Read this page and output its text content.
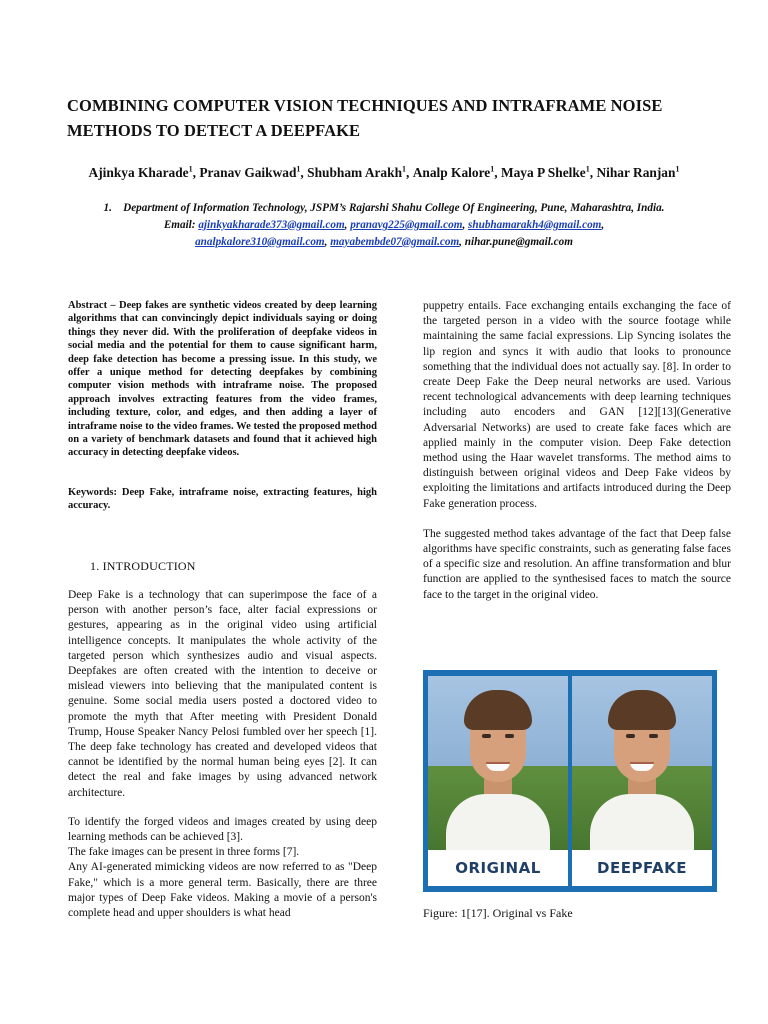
COMBINING COMPUTER VISION TECHNIQUES AND INTRAFRAME NOISE METHODS TO DETECT A DEEPFAKE
Ajinkya Kharade$^1$, Pranav Gaikwad$^1$, Shubham Arakh$^1$, Analp Kalore$^1$, Maya P Shelke$^1$, Nihar Ranjan$^1$
1. Department of Information Technology, JSPM’s Rajarshi Shahu College Of Engineering, Pune, Maharashtra, India.
Email: ajinkyakharade373@gmail.com, pranavg225@gmail.com, shubhamarakh4@gmail.com,
analpkalore310@gmail.com, mayabembde07@gmail.com, nihar.pune@gmail.com
Abstract – Deep fakes are synthetic videos created by deep learning algorithms that can convincingly depict individuals saying or doing things they never did. With the proliferation of deepfake videos in social media and the potential for them to cause significant harm, deep fake detection has become a pressing issue. In this study, we offer a unique method for detecting deepfakes by combining computer vision methods with intraframe noise. The proposed approach involves extracting features from the video frames, including texture, color, and edges, and then adding a layer of intraframe noise to the video frames. We tested the proposed method on a variety of benchmark datasets and found that it achieved high accuracy in detecting deepfake videos.
Keywords: Deep Fake, intraframe noise, extracting features, high accuracy.
1. INTRODUCTION

Deep Fake is a technology that can superimpose the face of a person with another person’s face, alter facial expressions or gestures, appearing as in the original video using artificial intelligence concepts. It manipulates the whole activity of the targeted person which synthesizes audio and visual aspects. Deepfakes are often created with the intention to deceive or mislead viewers into believing that the manipulated content is genuine. Some social media users posted a doctored video to promote the myth that After meeting with President Donald Trump, House Speaker Nancy Pelosi fumbled over her speech [1]. The deep fake technology has created and developed videos that cannot be identified by the normal human being eyes [2]. It can detect the real and fake images by using advanced network architecture.

To identify the forged videos and images created by using deep learning methods can be achieved [3].

The fake images can be present in three forms [7].

Any AI-generated mimicking videos are now referred to as "Deep Fake," which is a more general term. Basically, there are three major types of Deep Fake videos. Making a movie of a person's complete head and upper shoulders is what head

puppetry entails. Face exchanging entails exchanging the face of the targeted person in a video with the source footage while maintaining the same facial expressions. Lip Syncing isolates the lip region and syncs it with audio that looks to pronounce something that the individual does not actually say. [8]. In order to create Deep Fake the Deep neural networks are used. Various recent technological advancements with deep learning techniques including auto encoders and GAN [12][13](Generative Adversarial Networks) are used to create fake faces which are applied mainly in the computer vision. Deep Fake detection method using the Haar wavelet transforms. The method aims to distinguish between original videos and Deep Fake videos by exploiting the limitations and artifacts introduced during the Deep Fake generation process.

The suggested method takes advantage of the fact that Deep false algorithms have specific constraints, such as generating false faces of a specific size and resolution. An affine transformation and blur function are applied to the synthesised faces to match the source face to the target in the original video.

ORIGINAL	DEEPFAKE
Figure: 1[17]. Original vs Fake
